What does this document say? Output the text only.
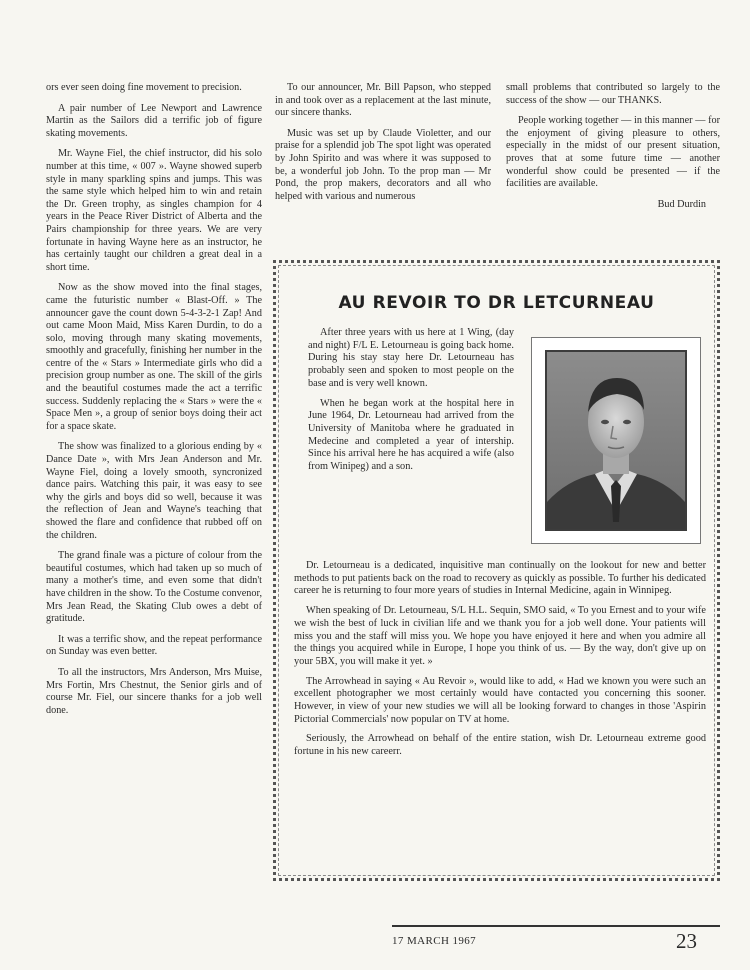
ors ever seen doing fine movement to precision.

A pair number of Lee Newport and Lawrence Martin as the Sailors did a terrific job of figure skating movements.

Mr. Wayne Fiel, the chief instructor, did his solo number at this time, « 007 ». Wayne showed superb style in many sparkling spins and jumps. This was the same style which helped him to win and retain the Dr. Green trophy, as singles champion for 4 years in the Peace River District of Alberta and the Pairs championship for three years. We are very fortunate in having Wayne here as an instructor, he has certainly taught our children a great deal in a short time.

Now as the show moved into the final stages, came the futuristic number « Blast-Off. » The announcer gave the count down 5-4-3-2-1 Zap! And out came Moon Maid, Miss Karen Durdin, to do a solo, moving through many skating movements, smoothly and gracefully, finishing her number in the centre of the « Stars » Intermediate girls who did a precision group number as one. The skill of the girls and the beautiful costumes made the act a terrific success. Suddenly replacing the « Stars » were the « Space Men », a group of senior boys doing their act for a space skate.

The show was finalized to a glorious ending by « Dance Date », with Mrs Jean Anderson and Mr. Wayne Fiel, doing a lovely smooth, syncronized dance pairs. Watching this pair, it was easy to see why the girls and boys did so well, because it was the reflection of Jean and Wayne's teaching that showed the flare and confidence that rubbed off on the children.

The grand finale was a picture of colour from the beautiful costumes, which had taken up so much of many a mother's time, and even some that didn't have children in the show. To the Costume convenor, Mrs Jean Read, the Skating Club owes a debt of gratitude.

It was a terrific show, and the repeat performance on Sunday was even better.

To all the instructors, Mrs Anderson, Mrs Muise, Mrs Fortin, Mrs Chestnut, the Senior girls and of course Mr. Fiel, our sincere thanks for a job well done.

To our announcer, Mr. Bill Papson, who stepped in and took over as a replacement at the last minute, our sincere thanks.

Music was set up by Claude Violetter, and our praise for a splendid job The spot light was operated by John Spirito and was where it was supposed to be, a wonderful job John. To the prop man — Mr Pond, the prop makers, decorators and all who helped with various and numerous

small problems that contributed so largely to the success of the show — our THANKS.

People working together — in this manner — for the enjoyment of giving pleasure to others, especially in the midst of our present situation, proves that at some future time — another wonderful show could be presented — if the facilities are available.

Bud Durdin
AU REVOIR TO DR LETCURNEAU

After three years with us here at 1 Wing, (day and night) F/L E. Letourneau is going back home. During his stay stay here Dr. Letourneau has probably seen and spoken to most people on the base and is very well known.

When he began work at the hospital here in June 1964, Dr. Letourneau had arrived from the University of Manitoba where he graduated in Medecine and completed a year of intership. Since his arrival here he has acquired a wife (also from Winipeg) and a son.

Dr. Letourneau is a dedicated, inquisitive man continually on the lookout for new and better methods to put patients back on the road to recovery as quickly as possible. To further his dedicated career he is returning to four more years of studies in Internal Medicine, again in Winnipeg.

When speaking of Dr. Letourneau, S/L H.L. Sequin, SMO said, « To you Ernest and to your wife we wish the best of luck in civilian life and we thank you for a job well done. Your patients will miss you and the staff will miss you. We hope you have enjoyed it here and when you admire all the things you acquired while in Europe, I hope you think of us. — By the way, don't give up on your 5BX, you will make it yet. »

The Arrowhead in saying « Au Revoir », would like to add, « Had we known you were such an excellent photographer we most certainly would have contacted you concerning this sooner. However, in view of your new studies we will all be looking forward to changes in those 'Aspirin Pictorial Commercials' now popular on TV at home.

Seriously, the Arrowhead on behalf of the entire station, wish Dr. Letourneau extreme good fortune in his new careerr.

17 MARCH 1967	23
